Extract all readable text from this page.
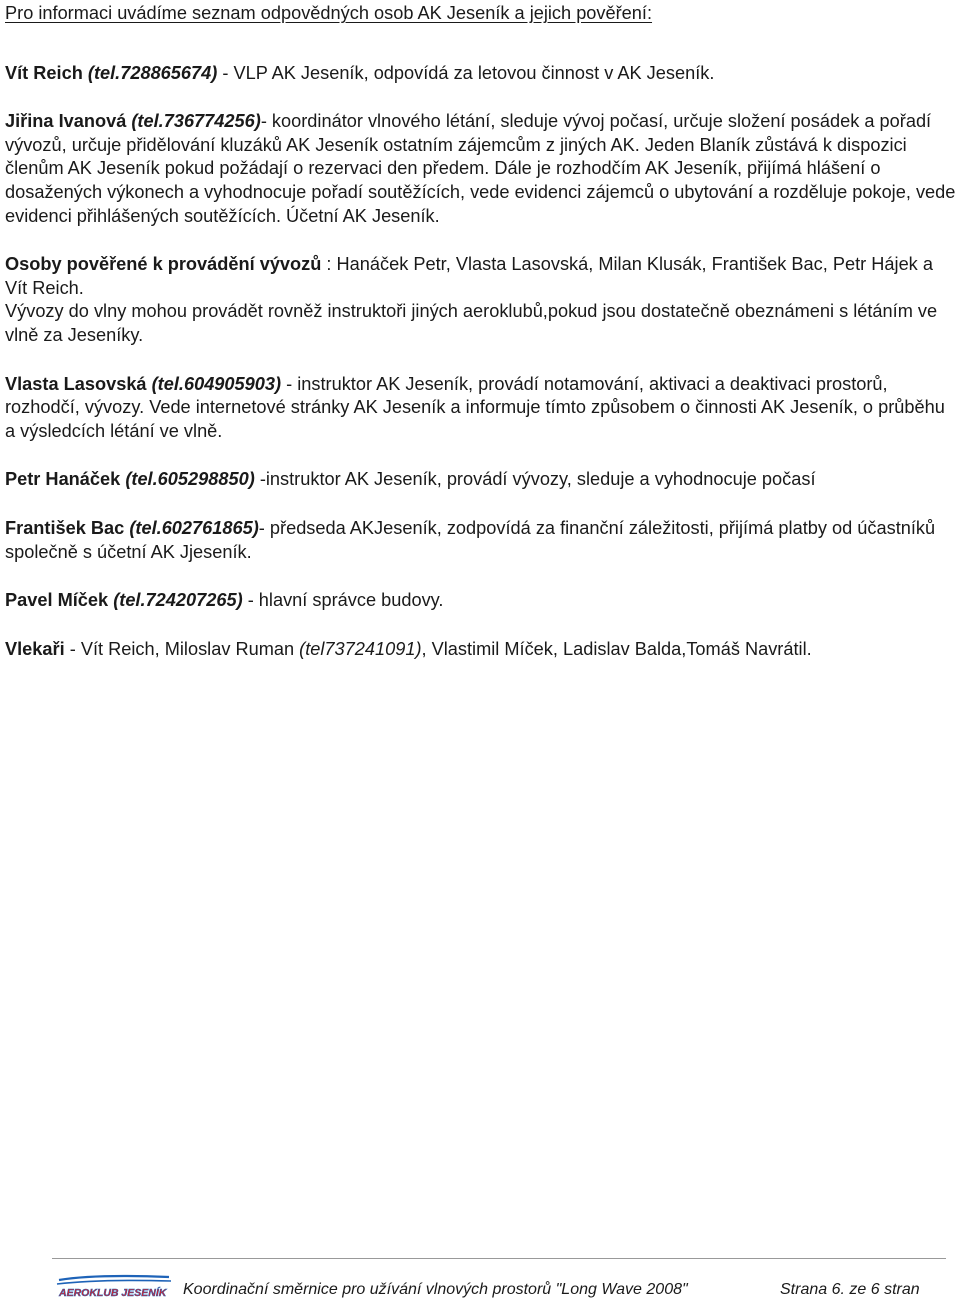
Pro informaci uvádíme seznam odpovědných osob AK Jeseník a jejich pověření:

Vít Reich (tel.728865674) - VLP AK Jeseník, odpovídá za letovou činnost v AK Jeseník.

Jiřina Ivanová (tel.736774256)- koordinátor vlnového létání, sleduje vývoj počasí, určuje složení posádek a pořadí vývozů, určuje přidělování kluzáků AK Jeseník ostatním zájemcům z jiných AK. Jeden Blaník zůstává k dispozici členům AK Jeseník pokud požádají o rezervaci den předem. Dále je rozhodčím AK Jeseník, přijímá hlášení o dosažených výkonech a vyhodnocuje pořadí soutěžících, vede evidenci zájemců o ubytování a rozděluje pokoje, vede evidenci přihlášených soutěžících. Účetní AK Jeseník.

Osoby pověřené k provádění vývozů : Hanáček Petr, Vlasta Lasovská, Milan Klusák, František Bac, Petr Hájek a Vít Reich.

Vývozy do vlny mohou provádět rovněž instruktoři jiných aeroklubů,pokud jsou dostatečně obeznámeni s létáním ve vlně za Jeseníky.

Vlasta Lasovská (tel.604905903) - instruktor AK Jeseník, provádí notamování, aktivaci a deaktivaci prostorů, rozhodčí, vývozy. Vede internetové stránky AK Jeseník a informuje tímto způsobem o činnosti AK Jeseník, o průběhu a výsledcích létání ve vlně.

Petr Hanáček (tel.605298850) -instruktor AK Jeseník, provádí vývozy, sleduje a vyhodnocuje počasí

František Bac (tel.602761865)- předseda AKJeseník, zodpovídá za finanční záležitosti, přijímá platby od účastníků společně s účetní AK Jjeseník.

Pavel Míček (tel.724207265) - hlavní správce budovy.

Vlekaři - Vít Reich, Miloslav Ruman (tel737241091), Vlastimil Míček, Ladislav Balda,Tomáš Navrátil.

AEROKLUB JESENÍK Koordinační směrnice pro užívání vlnových prostorů "Long Wave 2008"	Strana 6. ze 6 stran
